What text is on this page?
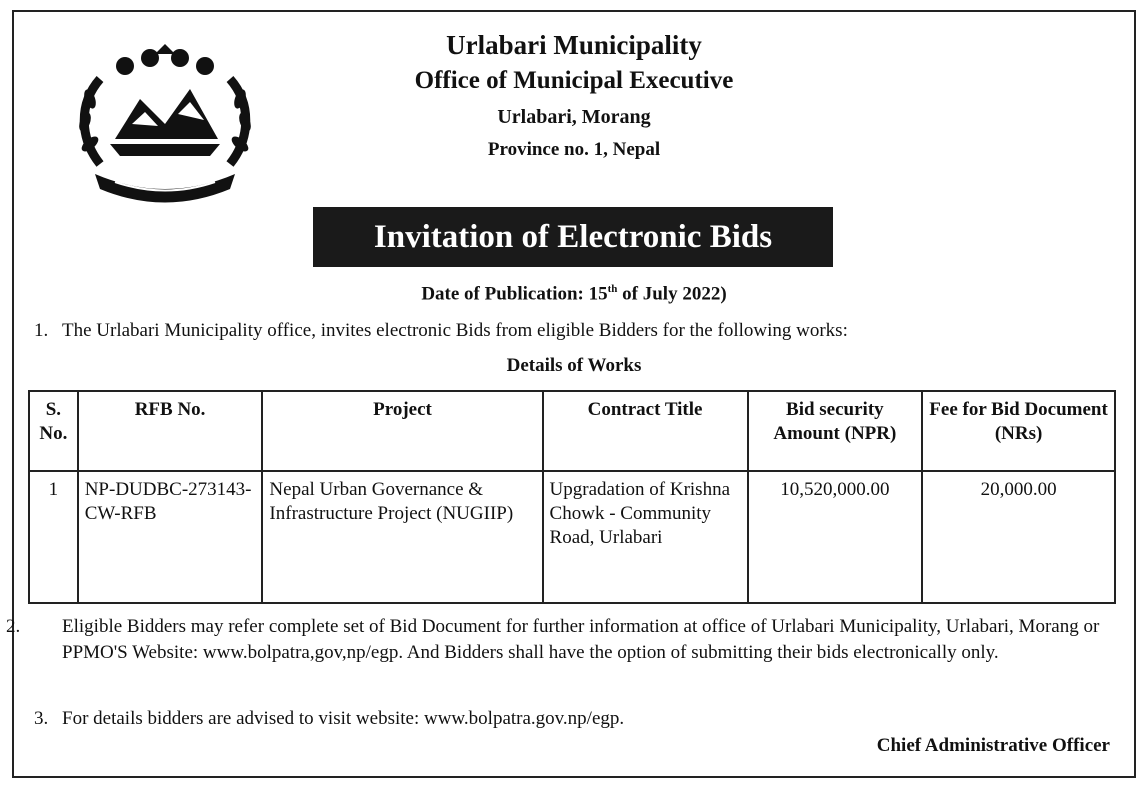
Urlabari Municipality
Office of Municipal Executive
Urlabari, Morang
Province no. 1, Nepal
Invitation of Electronic Bids
Date of Publication: 15th of July 2022)
1. The Urlabari Municipality office, invites electronic Bids from eligible Bidders for the following works:
Details of Works
S. No.	RFB No.	Project	Contract Title	Bid security Amount (NPR)	Fee for Bid Document (NRs)
1	NP-DUDBC-273143-CW-RFB	Nepal Urban Governance & Infrastructure Project (NUGIIP)	Upgradation of Krishna Chowk - Community Road, Urlabari	10,520,000.00	20,000.00
2. Eligible Bidders may refer complete set of Bid Document for further information at office of Urlabari Municipality, Urlabari, Morang or PPMO'S Website: www.bolpatra,gov,np/egp. And Bidders shall have the option of submitting their bids electronically only.
3. For details bidders are advised to visit website: www.bolpatra.gov.np/egp.
Chief Administrative Officer
